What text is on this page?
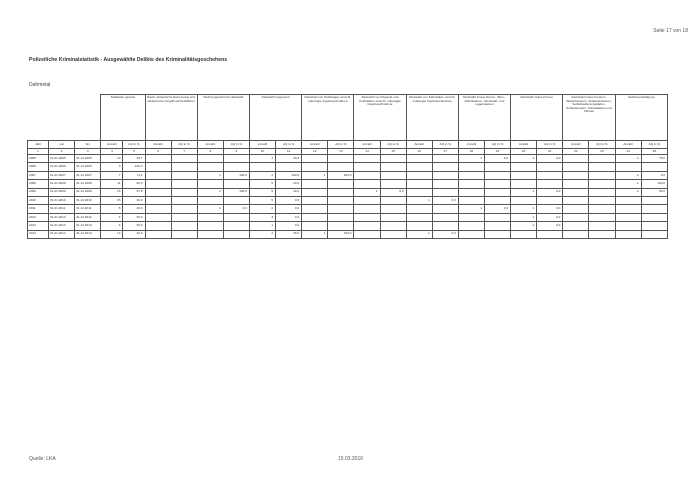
Seite 17 von 18
Polizeiliche Kriminalstatistik - Ausgewählte Delikte des Kriminalitätsgeschehens
Dahmetal
			Straftaten gesamt		Raub, räuberische Erpressung und räuberischer Angriff auf Kraftfahrer		Wohnungseinbruch-diebstahl		Diebstahl insgesamt		Diebstahl von Kraftwagen einschl. unbefugte Ingebrauchnahme		Diebstahl von Mopeds und Krafträdern einschl. unbefugte Ingebrauchnahme		Diebstahl von Fahrrädern einschl. unbefugte Ingebrauchnahme		Diebstahl in/aus Dienst-, Büro-, Fabrikations-, Werkstatt- und Lagerräumen		Diebstahl in/aus Firmen		Diebstahl in/aus Kiosken, Warenhäusern, Verkaufsräumen, Selbstbedienungsläden, Schaufenstern, Schaukästen und Vitrinen		Sachbeschädigung	
Jahr	von	bis	Anzahl	AQ in %	Anzahl	AQ in %	Anzahl	AQ in %	Anzahl	AQ in %	Anzahl	AQ in %	Anzahl	AQ in %	Anzahl	AQ in %	Anzahl	AQ in %	Anzahl	AQ in %	Anzahl	AQ in %	Anzahl	AQ in %
1	2	3	4	5	6	7	8	9	10	11	12	13	14	15	16	17	18	19	20	21	22	23	24	25
2005	01.01.2005	31.12.2005	13	46,7					4	33,3							1	0,0	1	0,0			4	75,0
2006	01.01.2006	31.12.2006	3	100,0																				
2007	01.01.2007	31.12.2007	7	71,4			1	100,0	2	100,0	1	100,0											2	0,0
2008	01.01.2008	31.12.2008	11	60,0					5	20,0													1	100,0
2009	01.01.2009	31.12.2009	16	37,5			2	100,0	5	40,0			1	0,0					1	0,0			2	50,0
2010	01.01.2010	31.12.2010	15	40,0					5	0,0					1	0,0								
2011	01.01.2011	31.12.2011	8	25,0			1	0,0	6	0,0							1	0,0	1	0,0				
2012	01.01.2012	31.12.2012	4	25,0					3	0,0									1	0,0				
2013	01.01.2013	31.12.2013	4	25,0					1	0,0									2	0,0				
2014	01.01.2014	31.12.2014	13	40,0					4	25,0	1	100,0			1	0,0								
Quelle: LKA	15.03.2016
